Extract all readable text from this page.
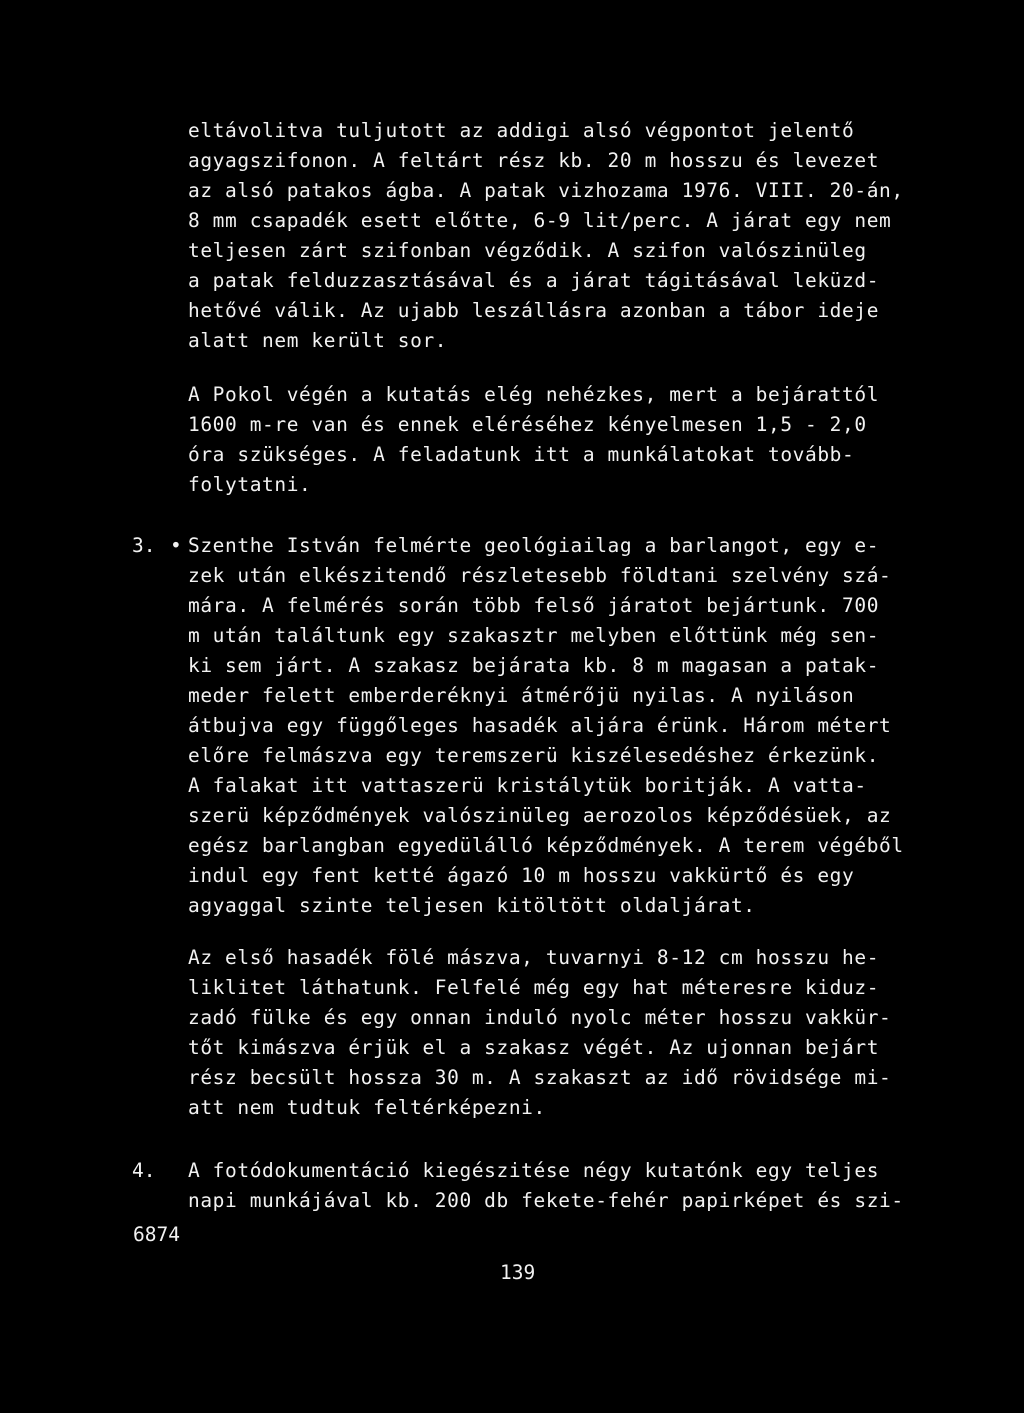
eltávolitva tuljutott az addigi alsó végpontot jelentő
agyagszifonon. A feltárt rész kb. 20 m hosszu és levezet
az alsó patakos ágba. A patak vizhozama 1976. VIII. 20-án,
8 mm csapadék esett előtte, 6-9 lit/perc. A járat egy nem
teljesen zárt szifonban végződik. A szifon valószinüleg
a patak felduzzasztásával és a járat tágitásával leküzd-
hetővé válik. Az ujabb leszállásra azonban a tábor ideje
alatt nem került sor.
A Pokol végén a kutatás elég nehézkes, mert a bejárattól
1600 m-re van és ennek eléréséhez kényelmesen 1,5 - 2,0
óra szükséges. A feladatunk itt a munkálatokat tovább-
folytatni.
3. • Szenthe István felmérte geológiailag a barlangot, egy e-
zek után elkészitendő részletesebb földtani szelvény szá-
mára. A felmérés során több felső járatot bejártunk. 700
m után találtunk egy szakasztr melyben előttünk még sen-
ki sem járt. A szakasz bejárata kb. 8 m magasan a patak-
meder felett emberderéknyi átmérőjü nyilas. A nyiláson
átbujva egy függőleges hasadék aljára érünk. Három métert
előre felmászva egy teremszerü kiszélesedéshez érkezünk.
A falakat itt vattaszerü kristálytük boritják. A vatta-
szerü képződmények valószinüleg aerozolos képződésüek, az
egész barlangban egyedülálló képződmények. A terem végéből
indul egy fent ketté ágazó 10 m hosszu vakkürtő és egy
agyaggal szinte teljesen kitöltött oldaljárat.
Az első hasadék fölé mászva, tuvarnyi 8-12 cm hosszu he-
liklitet láthatunk. Felfelé még egy hat méteresre kiduz-
zadó fülke és egy onnan induló nyolc méter hosszu vakkür-
tőt kimászva érjük el a szakasz végét. Az ujonnan bejárt
rész becsült hossza 30 m. A szakaszt az idő rövidsége mi-
att nem tudtuk feltérképezni.
4. A fotódokumentáció kiegészitése négy kutatónk egy teljes
napi munkájával kb. 200 db fekete-fehér papirképet és szi-
6874
139
